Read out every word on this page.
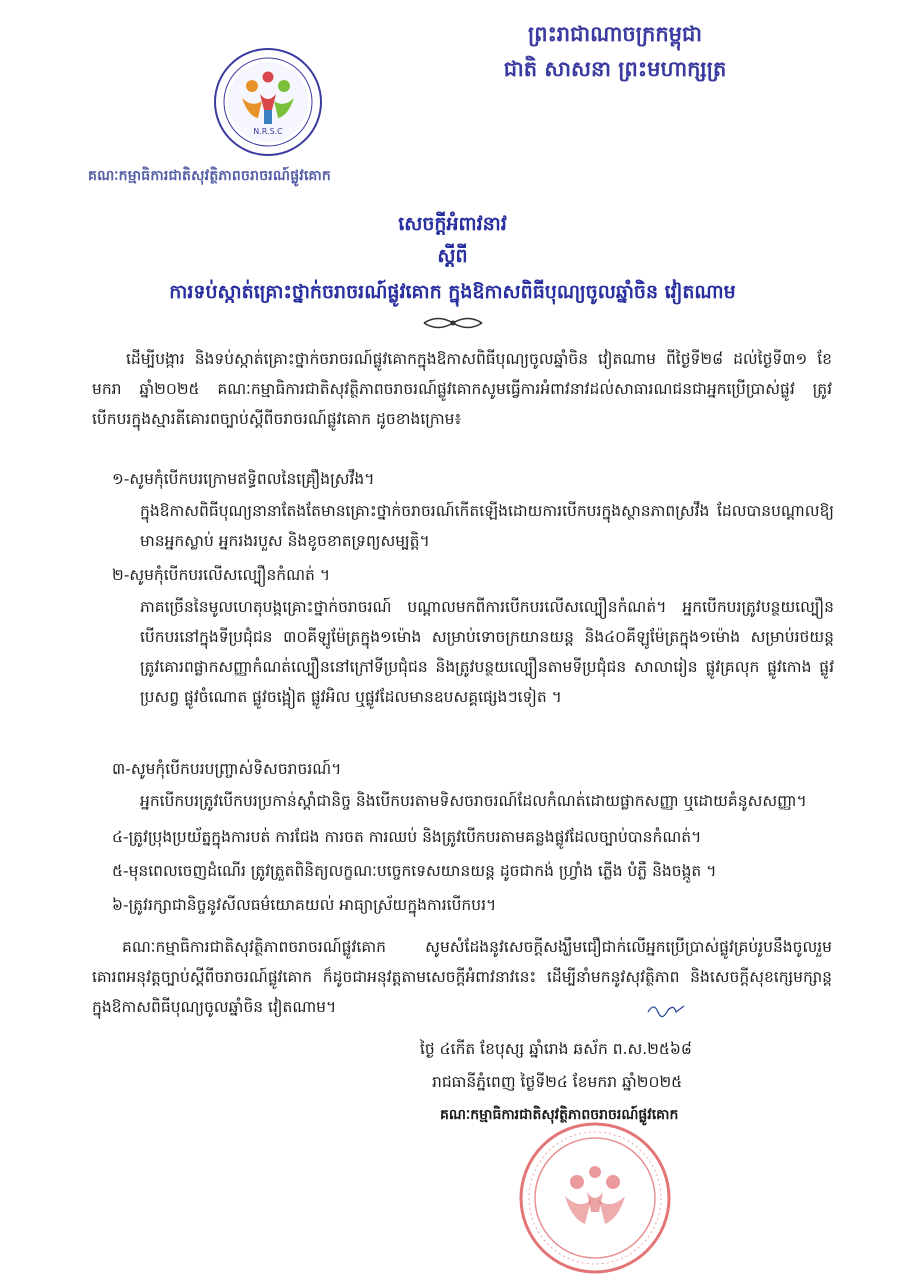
N.R.S.C
ព្រះរាជាណាចក្រកម្ពុជា
ជាតិ សាសនា ព្រះមហាក្សត្រ
គណៈកម្មាធិការជាតិសុវត្ថិភាពចរាចរណ៍ផ្លូវគោក
សេចក្តីអំពាវនាវ
ស្តីពី
ការទប់ស្កាត់គ្រោះថ្នាក់ចរាចរណ៍ផ្លូវគោក ក្នុងឱកាសពិធីបុណ្យចូលឆ្នាំចិន វៀតណាម
ដើម្បីបង្ការ និងទប់ស្កាត់គ្រោះថ្នាក់ចរាចរណ៍ផ្លូវគោកក្នុងឱកាសពិធីបុណ្យចូលឆ្នាំចិន វៀតណាម ពីថ្ងៃទី២៨ ដល់ថ្ងៃទី៣១ ខែមករា ឆ្នាំ២០២៥ គណៈកម្មាធិការជាតិសុវត្ថិភាពចរាចរណ៍ផ្លូវគោកសូមធ្វើការអំពាវនាវដល់សាធារណជនជាអ្នកប្រើប្រាស់ផ្លូវ ត្រូវបើកបរក្នុងស្មារតីគោរពច្បាប់ស្តីពីចរាចរណ៍ផ្លូវគោក ដូចខាងក្រោម៖
១-សូមកុំបើកបរក្រោមឥទ្ធិពលនៃគ្រឿងស្រវឹង។
ក្នុងឱកាសពិធីបុណ្យនានាតែងតែមានគ្រោះថ្នាក់ចរាចរណ៍កើតឡើងដោយការបើកបរក្នុងស្ថានភាពស្រវឹង ដែលបានបណ្តាលឱ្យមានអ្នកស្លាប់ អ្នករងរបួស និងខូចខាតទ្រព្យសម្បត្តិ។
២-សូមកុំបើកបរលើសល្បឿនកំណត់ ។
ភាគច្រើននៃមូលហេតុបង្កគ្រោះថ្នាក់ចរាចរណ៍ បណ្តាលមកពីការបើកបរលើសល្បឿនកំណត់។ អ្នកបើកបរត្រូវបន្ថយល្បឿនបើកបរនៅក្នុងទីប្រជុំជន ៣០គីឡូម៉ែត្រក្នុង១ម៉ោង សម្រាប់ទោចក្រយានយន្ត និង៤០គីឡូម៉ែត្រក្នុង១ម៉ោង សម្រាប់រថយន្ត ត្រូវគោរពផ្លាកសញ្ញាកំណត់ល្បឿននៅក្រៅទីប្រជុំជន និងត្រូវបន្ថយល្បឿនតាមទីប្រជុំជន សាលារៀន ផ្លូវគ្រលុក ផ្លូវកោង ផ្លូវប្រសព្វ ផ្លូវចំណោត ផ្លូវចង្អៀត ផ្លូវអិល ឬផ្លូវដែលមានឧបសគ្គផ្សេងៗទៀត ។
៣-សូមកុំបើកបរបញ្ច្រាស់ទិសចរាចរណ៍។
អ្នកបើកបរត្រូវបើកបរប្រកាន់ស្តាំជានិច្ច និងបើកបរតាមទិសចរាចរណ៍ដែលកំណត់ដោយផ្លាកសញ្ញា ឬដោយគំនូសសញ្ញា។
៤-ត្រូវប្រុងប្រយ័ត្នក្នុងការបត់ ការជែង ការចត ការឈប់ និងត្រូវបើកបរតាមគន្លងផ្លូវដែលច្បាប់បានកំណត់។
៥-មុនពេលចេញដំណើរ ត្រូវត្រួតពិនិត្យលក្ខណៈបច្ចេកទេសយានយន្ត ដូចជាកង់ ហ្វ្រាំង ភ្លើង បំភ្លឺ និងចង្កូត ។
៦-ត្រូវរក្សាជានិច្ចនូវសីលធម៌យោគយល់ អាធ្យាស្រ័យក្នុងការបើកបរ។
គណៈកម្មាធិការជាតិសុវត្ថិភាពចរាចរណ៍ផ្លូវគោក សូមសំដែងនូវសេចក្តីសង្ឃឹមជឿជាក់លើអ្នកប្រើប្រាស់ផ្លូវគ្រប់រូបនឹងចូលរួមគោរពអនុវត្តច្បាប់ស្តីពីចរាចរណ៍ផ្លូវគោក ក៏ដូចជាអនុវត្តតាមសេចក្តីអំពាវនាវនេះ ដើម្បីនាំមកនូវសុវត្ថិភាព និងសេចក្តីសុខក្សេមក្សាន្ត ក្នុងឱកាសពិធីបុណ្យចូលឆ្នាំចិន វៀតណាម។
ថ្ងៃ ៤កើត ខែបុស្ស ឆ្នាំរោង ឆស័ក ព.ស.២៥៦៨
រាជធានីភ្នំពេញ ថ្ងៃទី២៤ ខែមករា ឆ្នាំ២០២៥
គណៈកម្មាធិការជាតិសុវត្ថិភាពចរាចរណ៍ផ្លូវគោក
